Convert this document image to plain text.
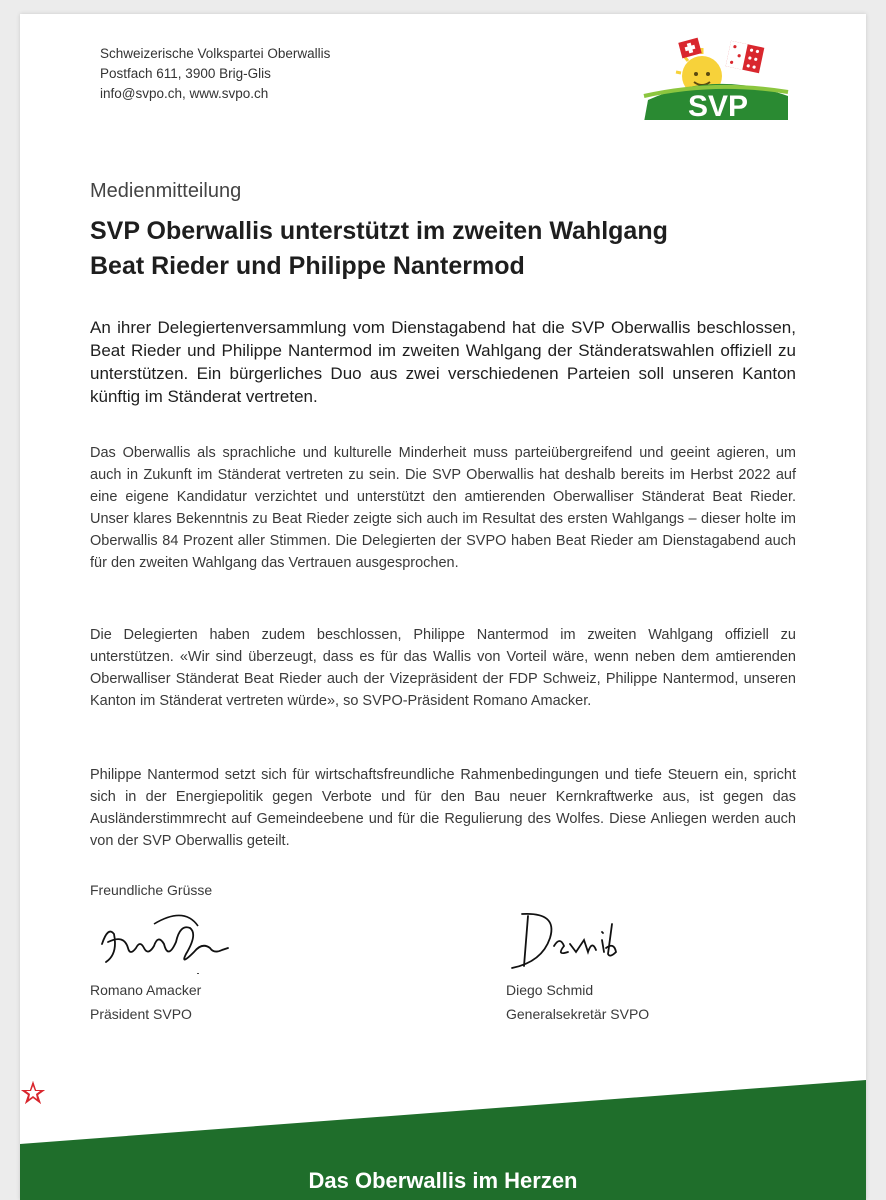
Schweizerische Volkspartei Oberwallis
Postfach 611, 3900 Brig-Glis
info@svpo.ch, www.svpo.ch	SVP
Medienmitteilung
SVP Oberwallis unterstützt im zweiten Wahlgang
Beat Rieder und Philippe Nantermod
An ihrer Delegiertenversammlung vom Dienstagabend hat die SVP Oberwallis beschlossen, Beat Rieder und Philippe Nantermod im zweiten Wahlgang der Ständeratswahlen offiziell zu unterstützen. Ein bürgerliches Duo aus zwei verschiedenen Parteien soll unseren Kanton künftig im Ständerat vertreten.
Das Oberwallis als sprachliche und kulturelle Minderheit muss parteiübergreifend und geeint agieren, um auch in Zukunft im Ständerat vertreten zu sein. Die SVP Oberwallis hat deshalb bereits im Herbst 2022 auf eine eigene Kandidatur verzichtet und unterstützt den amtierenden Oberwalliser Ständerat Beat Rieder. Unser klares Bekenntnis zu Beat Rieder zeigte sich auch im Resultat des ersten Wahlgangs – dieser holte im Oberwallis 84 Prozent aller Stimmen. Die Delegierten der SVPO haben Beat Rieder am Dienstagabend auch für den zweiten Wahlgang das Vertrauen ausgesprochen.
Die Delegierten haben zudem beschlossen, Philippe Nantermod im zweiten Wahlgang offiziell zu unterstützen. «Wir sind überzeugt, dass es für das Wallis von Vorteil wäre, wenn neben dem amtierenden Oberwalliser Ständerat Beat Rieder auch der Vizepräsident der FDP Schweiz, Philippe Nantermod, unseren Kanton im Ständerat vertreten würde», so SVPO-Präsident Romano Amacker.
Philippe Nantermod setzt sich für wirtschaftsfreundliche Rahmenbedingungen und tiefe Steuern ein, spricht sich in der Energiepolitik gegen Verbote und für den Bau neuer Kernkraftwerke aus, ist gegen das Ausländerstimmrecht auf Gemeindeebene und für die Regulierung des Wolfes. Diese Anliegen werden auch von der SVP Oberwallis geteilt.
Freundliche Grüsse
Romano Amacker
Präsident SVPO
Diego Schmid
Generalsekretär SVPO
Das Oberwallis im Herzen
